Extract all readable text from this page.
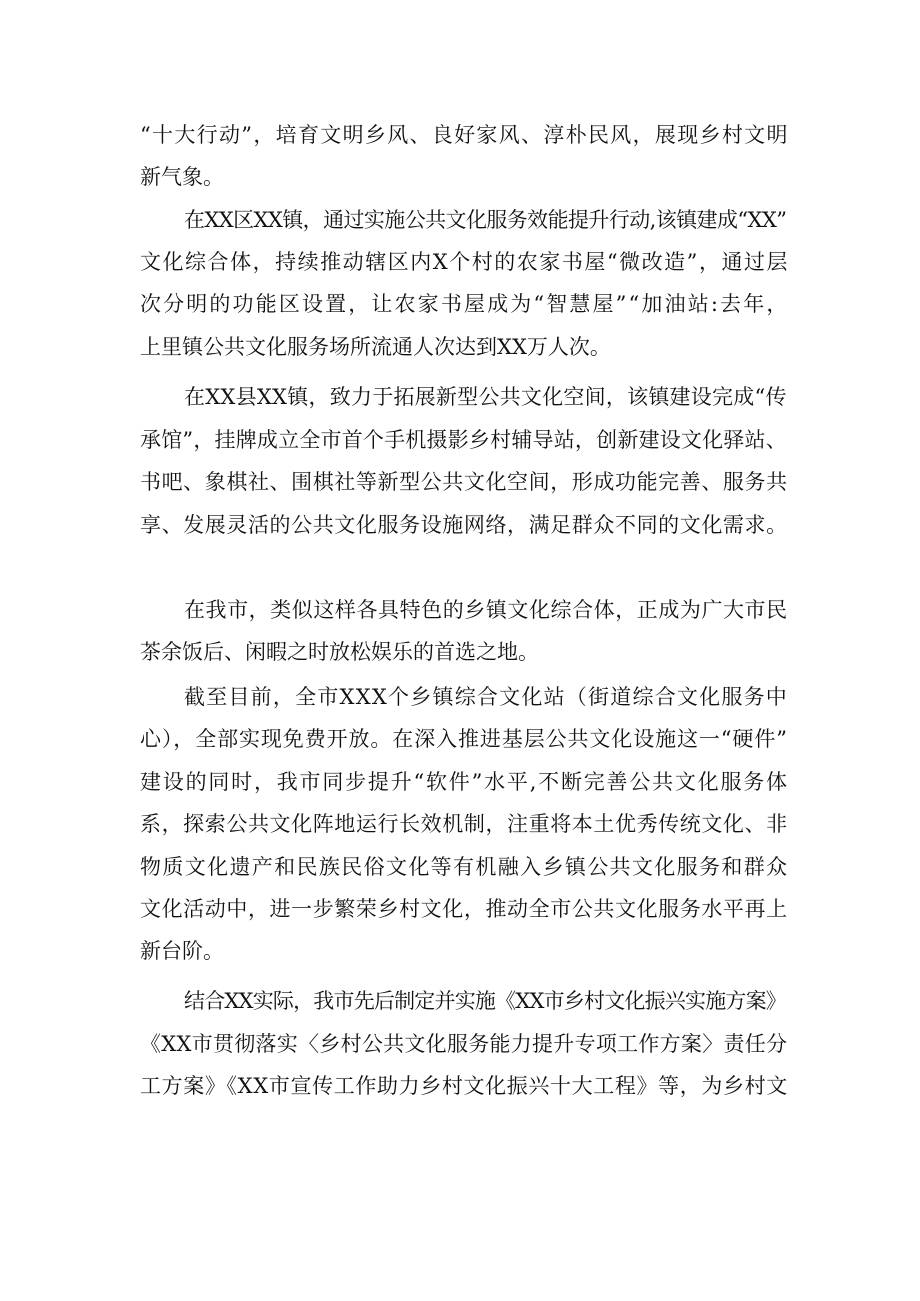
“十大行动”，培育文明乡风、良好家风、淳朴民风，展现乡村文明
新气象。
在XX区XX镇，通过实施公共文化服务效能提升行动,该镇建成“XX”
文化综合体，持续推动辖区内X个村的农家书屋“微改造”，通过层
次分明的功能区设置，让农家书屋成为“智慧屋”“加油站:去年，
上里镇公共文化服务场所流通人次达到XX万人次。
在XX县XX镇，致力于拓展新型公共文化空间，该镇建设完成“传
承馆”，挂牌成立全市首个手机摄影乡村辅导站，创新建设文化驿站、
书吧、象棋社、围棋社等新型公共文化空间，形成功能完善、服务共
享、发展灵活的公共文化服务设施网络，满足群众不同的文化需求。
在我市，类似这样各具特色的乡镇文化综合体，正成为广大市民
茶余饭后、闲暇之时放松娱乐的首选之地。
截至目前，全市XXX个乡镇综合文化站（街道综合文化服务中
心），全部实现免费开放。在深入推进基层公共文化设施这一“硬件”
建设的同时，我市同步提升“软件”水平,不断完善公共文化服务体
系，探索公共文化阵地运行长效机制，注重将本土优秀传统文化、非
物质文化遗产和民族民俗文化等有机融入乡镇公共文化服务和群众
文化活动中，进一步繁荣乡村文化，推动全市公共文化服务水平再上
新台阶。
结合XX实际，我市先后制定并实施《XX市乡村文化振兴实施方案》
《XX市贯彻落实〈乡村公共文化服务能力提升专项工作方案〉责任分
工方案》《XX市宣传工作助力乡村文化振兴十大工程》等，为乡村文
